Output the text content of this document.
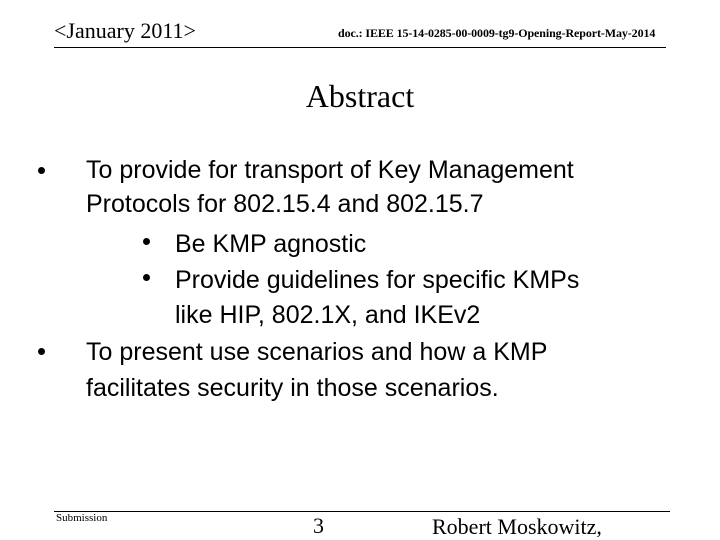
<January 2011>	doc.: IEEE 15-14-0285-00-0009-tg9-Opening-Report-May-2014
Abstract
To provide for transport of Key Management
Protocols for 802.15.4 and 802.15.7
Be KMP agnostic
Provide guidelines for specific KMPs
like HIP, 802.1X, and IKEv2
To present use scenarios and how a KMP
facilitates security in those scenarios.
Submission	3	Robert Moskowitz,
